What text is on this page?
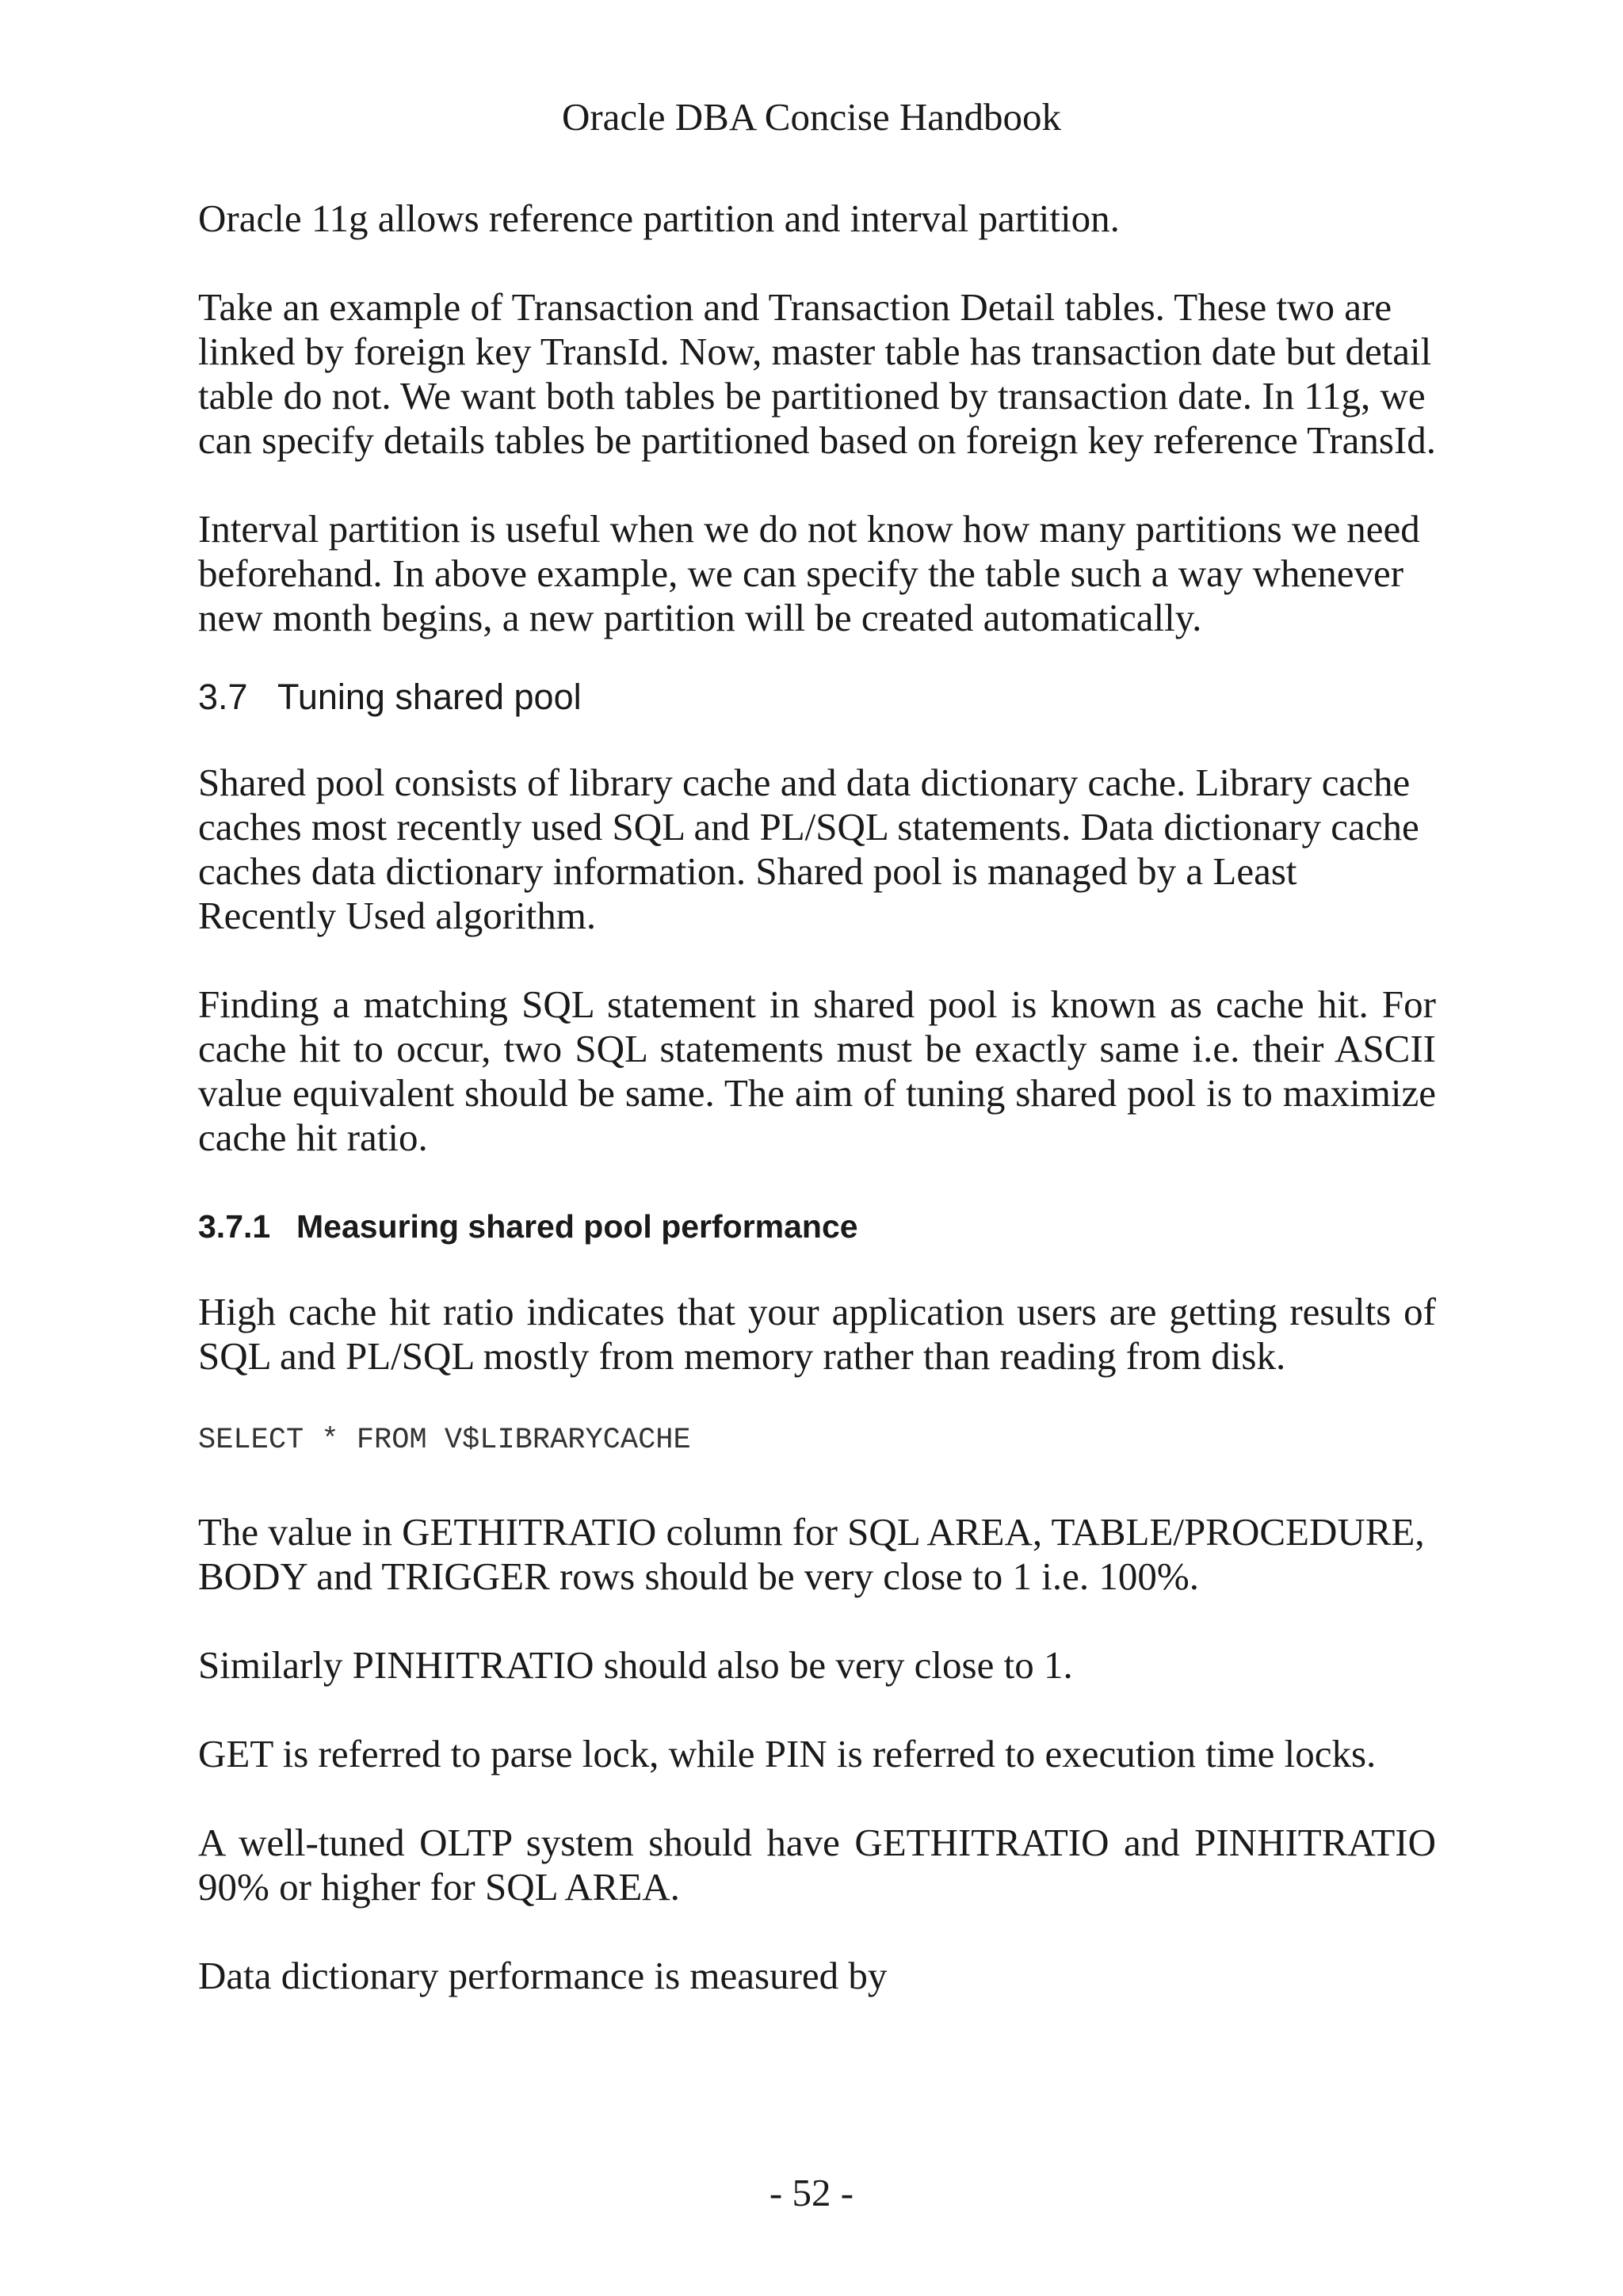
Oracle DBA Concise Handbook

Oracle 11g allows reference partition and interval partition.

Take an example of Transaction and Transaction Detail tables. These two are linked by foreign key TransId. Now, master table has transaction date but detail table do not. We want both tables be partitioned by transaction date. In 11g, we can specify details tables be partitioned based on foreign key reference TransId.

Interval partition is useful when we do not know how many partitions we need beforehand. In above example, we can specify the table such a way whenever new month begins, a new partition will be created automatically.

3.7 Tuning shared pool

Shared pool consists of library cache and data dictionary cache. Library cache caches most recently used SQL and PL/SQL statements. Data dictionary cache caches data dictionary information. Shared pool is managed by a Least Recently Used algorithm.

Finding a matching SQL statement in shared pool is known as cache hit. For cache hit to occur, two SQL statements must be exactly same i.e. their ASCII value equivalent should be same. The aim of tuning shared pool is to maximize cache hit ratio.

3.7.1 Measuring shared pool performance

High cache hit ratio indicates that your application users are getting results of SQL and PL/SQL mostly from memory rather than reading from disk.

SELECT * FROM V$LIBRARYCACHE

The value in GETHITRATIO column for SQL AREA, TABLE/PROCEDURE, BODY and TRIGGER rows should be very close to 1 i.e. 100%.

Similarly PINHITRATIO should also be very close to 1.

GET is referred to parse lock, while PIN is referred to execution time locks.

A well-tuned OLTP system should have GETHITRATIO and PINHITRATIO 90% or higher for SQL AREA.

Data dictionary performance is measured by

- 52 -
